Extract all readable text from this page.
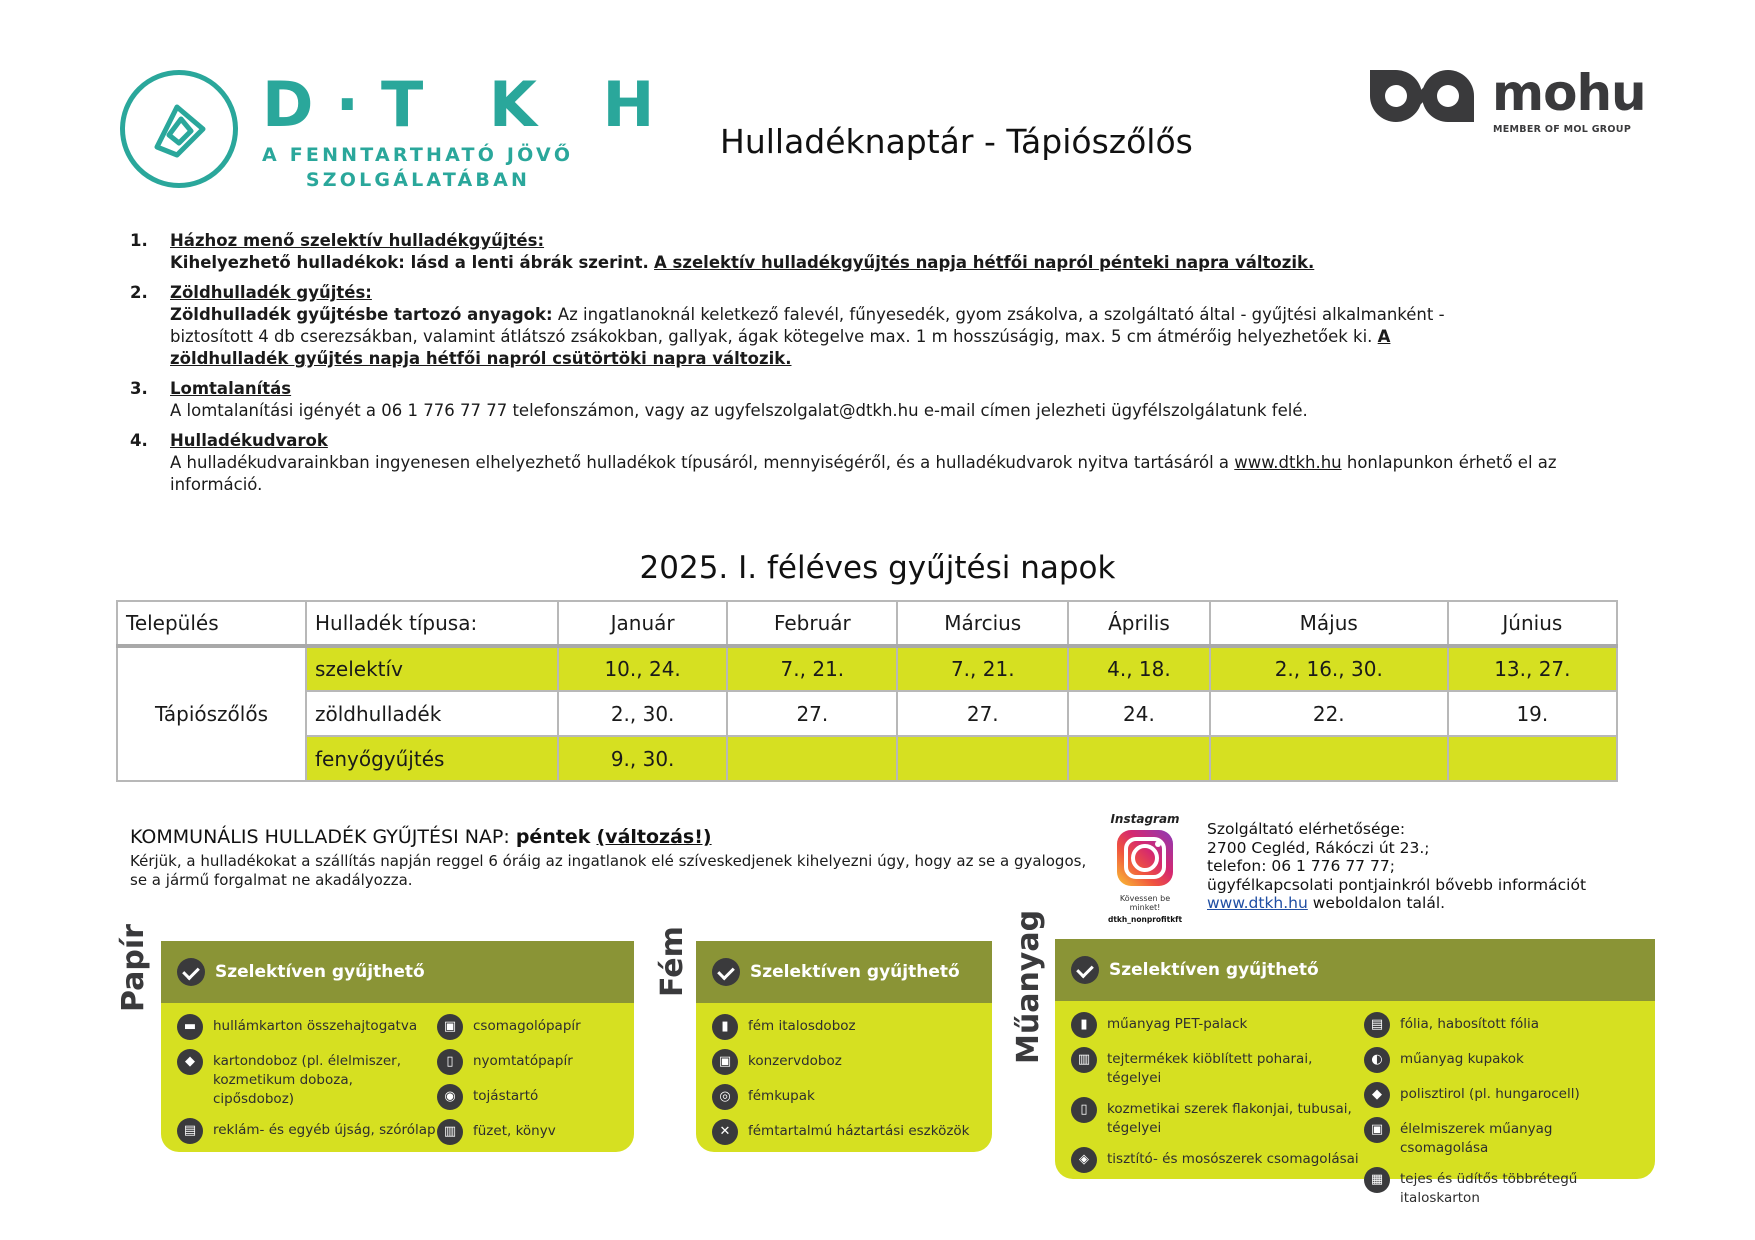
D·T K H
A FENNTARTHATÓ JÖVŐ
SZOLGÁLATÁBAN
Hulladéknaptár - Tápiószőlős
mohu
MEMBER OF MOL GROUP
1. Házhoz menő szelektív hulladékgyűjtés:
Kihelyezhető hulladékok: lásd a lenti ábrák szerint. A szelektív hulladékgyűjtés napja hétfői napról pénteki napra változik.
2. Zöldhulladék gyűjtés:
Zöldhulladék gyűjtésbe tartozó anyagok: Az ingatlanoknál keletkező falevél, fűnyesedék, gyom zsákolva, a szolgáltató által - gyűjtési alkalmanként - biztosított 4 db cserezsákban, valamint átlátszó zsákokban, gallyak, ágak kötegelve max. 1 m hosszúságig, max. 5 cm átmérőig helyezhetőek ki. A zöldhulladék gyűjtés napja hétfői napról csütörtöki napra változik.
3. Lomtalanítás
A lomtalanítási igényét a 06 1 776 77 77 telefonszámon, vagy az ugyfelszolgalat@dtkh.hu e-mail címen jelezheti ügyfélszolgálatunk felé.
4. Hulladékudvarok
A hulladékudvarainkban ingyenesen elhelyezhető hulladékok típusáról, mennyiségéről, és a hulladékudvarok nyitva tartásáról a www.dtkh.hu honlapunkon érhető el az információ.
2025. I. féléves gyűjtési napok
Település	Hulladék típusa:	Január	Február	Március	Április	Május	Június
Tápiószőlős	szelektív	10., 24.	7., 21.	7., 21.	4., 18.	2., 16., 30.	13., 27.
	zöldhulladék	2., 30.	27.	27.	24.	22.	19.
	fenyőgyűjtés	9., 30.					
KOMMUNÁLIS HULLADÉK GYŰJTÉSI NAP: péntek (változás!)
Kérjük, a hulladékokat a szállítás napján reggel 6 óráig az ingatlanok elé szíveskedjenek kihelyezni úgy, hogy az se a gyalogos, se a jármű forgalmat ne akadályozza.
Instagram
Kövessen be minket!
dtkh_nonprofitkft
Szolgáltató elérhetősége:
2700 Cegléd, Rákóczi út 23.;
telefon: 06 1 776 77 77;
ügyfélkapcsolati pontjainkról bővebb információt
www.dtkh.hu weboldalon talál.
Papír	Szelektíven gyűjthető
▬	hullámkarton összehajtogatva
◆	kartondoboz (pl. élelmiszer, kozmetikum doboza, cipősdoboz)
▤	reklám- és egyéb újság, szórólap
▣	csomagolópapír
▯	nyomtatópapír
◉	tojástartó
▥	füzet, könyv
Fém	Szelektíven gyűjthető
▮	fém italosdoboz
▣	konzervdoboz
◎	fémkupak
✕	fémtartalmú háztartási eszközök
Műanyag	Szelektíven gyűjthető
▮	műanyag PET-palack
▥	tejtermékek kiöblített poharai, tégelyei
▯	kozmetikai szerek flakonjai, tubusai, tégelyei
◈	tisztító- és mosószerek csomagolásai
▤	fólia, habosított fólia
◐	műanyag kupakok
◆	polisztirol (pl. hungarocell)
▣	élelmiszerek műanyag csomagolása
▦	tejes és üdítős többrétegű italoskarton
